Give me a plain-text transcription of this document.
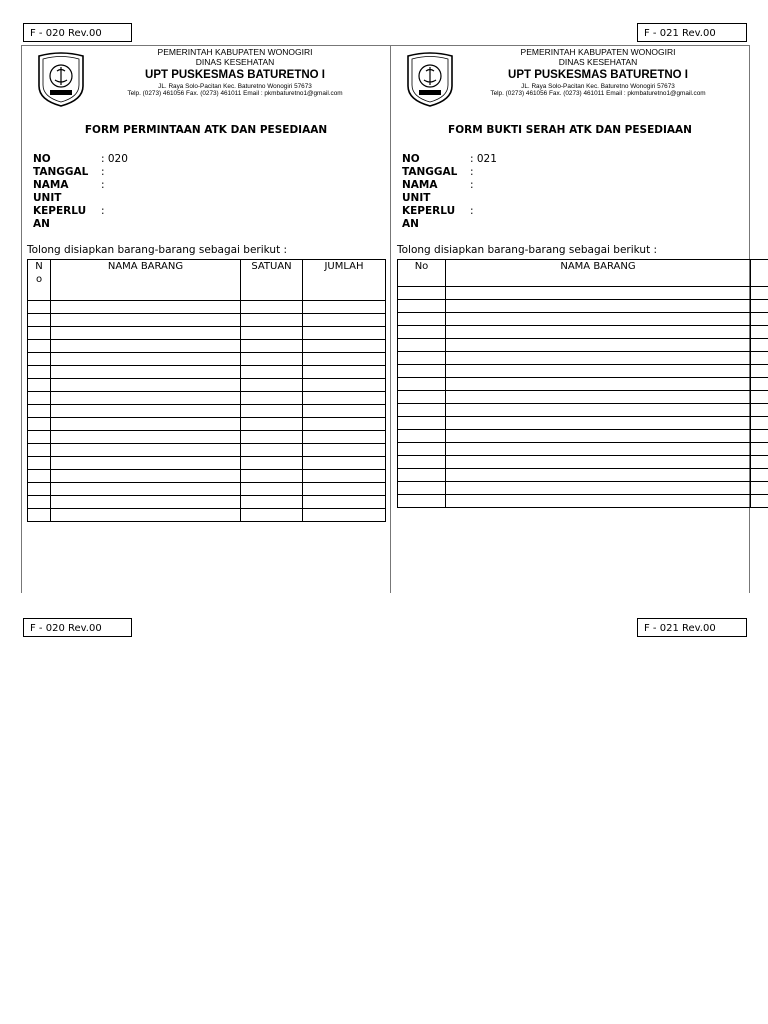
F - 020 Rev.00	F - 021 Rev.00
F - 020 Rev.00	F - 021 Rev.00
PEMERINTAH KABUPATEN WONOGIRI
DINAS KESEHATAN
UPT PUSKESMAS BATURETNO I
JL. Raya Solo-Pacitan Kec. Baturetno Wonogiri 57673
Telp. (0273) 461056 Fax. (0273) 461011 Email : pkmbaturetno1@gmail.com
FORM PERMINTAAN ATK DAN PESEDIAAN
NO	: 020
TANGGAL	:
NAMA	:
UNIT
KEPERLU	:
AN
Tolong disiapkan barang-barang sebagai berikut :
N
o	NAMA BARANG	SATUAN	JUMLAH

PEMERINTAH KABUPATEN WONOGIRI
DINAS KESEHATAN
UPT PUSKESMAS BATURETNO I
JL. Raya Solo-Pacitan Kec. Baturetno Wonogiri 57673
Telp. (0273) 461056 Fax. (0273) 461011 Email : pkmbaturetno1@gmail.com
FORM BUKTI SERAH ATK DAN PESEDIAAN
NO	: 021
TANGGAL	:
NAMA	:
UNIT
KEPERLU	:
AN
Tolong disiapkan barang-barang sebagai berikut :
No	NAMA BARANG	
